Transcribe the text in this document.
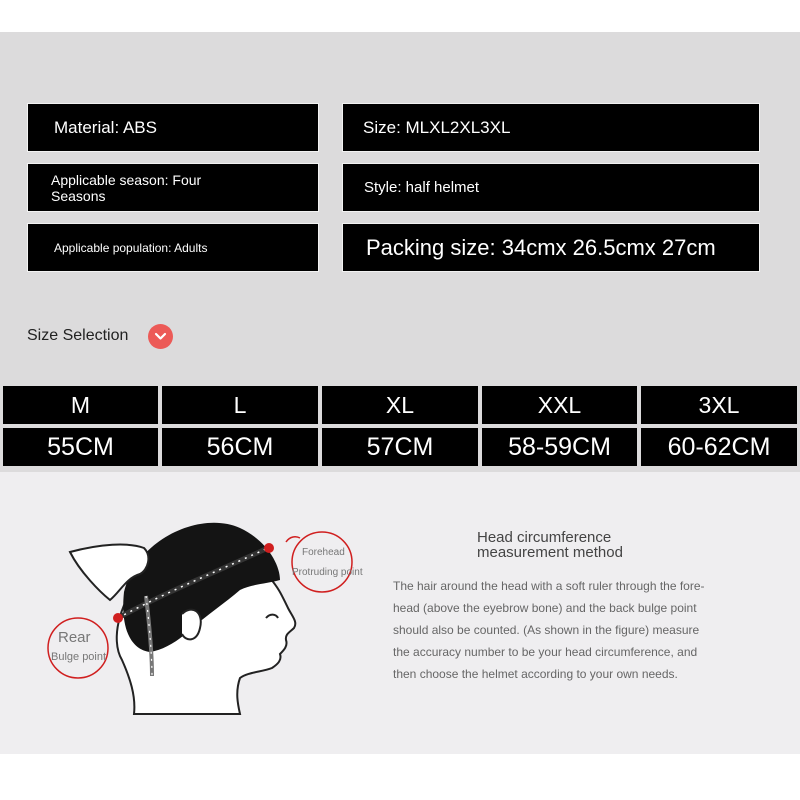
Material: ABS	Size: MLXL2XL3XL
Applicable season: Four
Seasons	Style: half helmet
Applicable population: Adults	Packing size: 34cmx 26.5cmx 27cm
Size Selection
M	L	XL	XXL	3XL
55CM	56CM	57CM	58-59CM	60-62CM
Forehead
Protruding point
Rear
Bulge point
Head circumference
measurement method
The hair around the head with a soft ruler through the fore-
head (above the eyebrow bone) and the back bulge point
should also be counted. (As shown in the figure) measure
the accuracy number to be your head circumference, and
then choose the helmet according to your own needs.
